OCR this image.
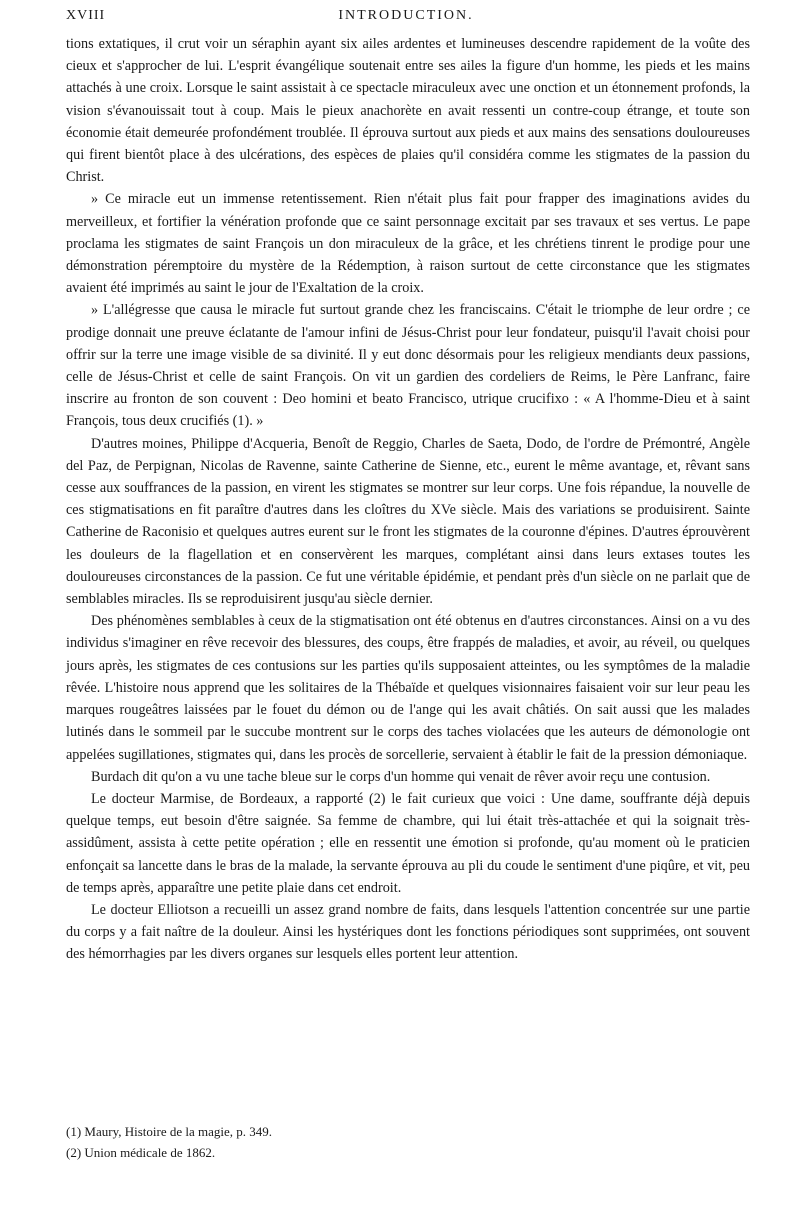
XVIII	INTRODUCTION.

tions extatiques, il crut voir un séraphin ayant six ailes ardentes et lumineuses descendre rapidement de la voûte des cieux et s'approcher de lui. L'esprit évangélique soutenait entre ses ailes la figure d'un homme, les pieds et les mains attachés à une croix. Lorsque le saint assistait à ce spectacle miraculeux avec une onction et un étonnement profonds, la vision s'évanouissait tout à coup. Mais le pieux anachorète en avait ressenti un contre-coup étrange, et toute son économie était demeurée profondément troublée. Il éprouva surtout aux pieds et aux mains des sensations douloureuses qui firent bientôt place à des ulcérations, des espèces de plaies qu'il considéra comme les stigmates de la passion du Christ.

» Ce miracle eut un immense retentissement. Rien n'était plus fait pour frapper des imaginations avides du merveilleux, et fortifier la vénération profonde que ce saint personnage excitait par ses travaux et ses vertus. Le pape proclama les stigmates de saint François un don miraculeux de la grâce, et les chrétiens tinrent le prodige pour une démonstration péremptoire du mystère de la Rédemption, à raison surtout de cette circonstance que les stigmates avaient été imprimés au saint le jour de l'Exaltation de la croix.

» L'allégresse que causa le miracle fut surtout grande chez les franciscains. C'était le triomphe de leur ordre ; ce prodige donnait une preuve éclatante de l'amour infini de Jésus-Christ pour leur fondateur, puisqu'il l'avait choisi pour offrir sur la terre une image visible de sa divinité. Il y eut donc désormais pour les religieux mendiants deux passions, celle de Jésus-Christ et celle de saint François. On vit un gardien des cordeliers de Reims, le Père Lanfranc, faire inscrire au fronton de son couvent : Deo homini et beato Francisco, utrique crucifixo : « A l'homme-Dieu et à saint François, tous deux crucifiés (1). »

D'autres moines, Philippe d'Acqueria, Benoît de Reggio, Charles de Saeta, Dodo, de l'ordre de Prémontré, Angèle del Paz, de Perpignan, Nicolas de Ravenne, sainte Catherine de Sienne, etc., eurent le même avantage, et, rêvant sans cesse aux souffrances de la passion, en virent les stigmates se montrer sur leur corps. Une fois répandue, la nouvelle de ces stigmatisations en fit paraître d'autres dans les cloîtres du XVe siècle. Mais des variations se produisirent. Sainte Catherine de Raconisio et quelques autres eurent sur le front les stigmates de la couronne d'épines. D'autres éprouvèrent les douleurs de la flagellation et en conservèrent les marques, complétant ainsi dans leurs extases toutes les douloureuses circonstances de la passion. Ce fut une véritable épidémie, et pendant près d'un siècle on ne parlait que de semblables miracles. Ils se reproduisirent jusqu'au siècle dernier.

Des phénomènes semblables à ceux de la stigmatisation ont été obtenus en d'autres circonstances. Ainsi on a vu des individus s'imaginer en rêve recevoir des blessures, des coups, être frappés de maladies, et avoir, au réveil, ou quelques jours après, les stigmates de ces contusions sur les parties qu'ils supposaient atteintes, ou les symptômes de la maladie rêvée. L'histoire nous apprend que les solitaires de la Thébaïde et quelques visionnaires faisaient voir sur leur peau les marques rougeâtres laissées par le fouet du démon ou de l'ange qui les avait châtiés. On sait aussi que les malades lutinés dans le sommeil par le succube montrent sur le corps des taches violacées que les auteurs de démonologie ont appelées sugillationes, stigmates qui, dans les procès de sorcellerie, servaient à établir le fait de la pression démoniaque.

Burdach dit qu'on a vu une tache bleue sur le corps d'un homme qui venait de rêver avoir reçu une contusion.

Le docteur Marmise, de Bordeaux, a rapporté (2) le fait curieux que voici : Une dame, souffrante déjà depuis quelque temps, eut besoin d'être saignée. Sa femme de chambre, qui lui était très-attachée et qui la soignait très-assidûment, assista à cette petite opération ; elle en ressentit une émotion si profonde, qu'au moment où le praticien enfonçait sa lancette dans le bras de la malade, la servante éprouva au pli du coude le sentiment d'une piqûre, et vit, peu de temps après, apparaître une petite plaie dans cet endroit.

Le docteur Elliotson a recueilli un assez grand nombre de faits, dans lesquels l'attention concentrée sur une partie du corps y a fait naître de la douleur. Ainsi les hystériques dont les fonctions périodiques sont supprimées, ont souvent des hémorrhagies par les divers organes sur lesquels elles portent leur attention.

(1) Maury, Histoire de la magie, p. 349.

(2) Union médicale de 1862.
